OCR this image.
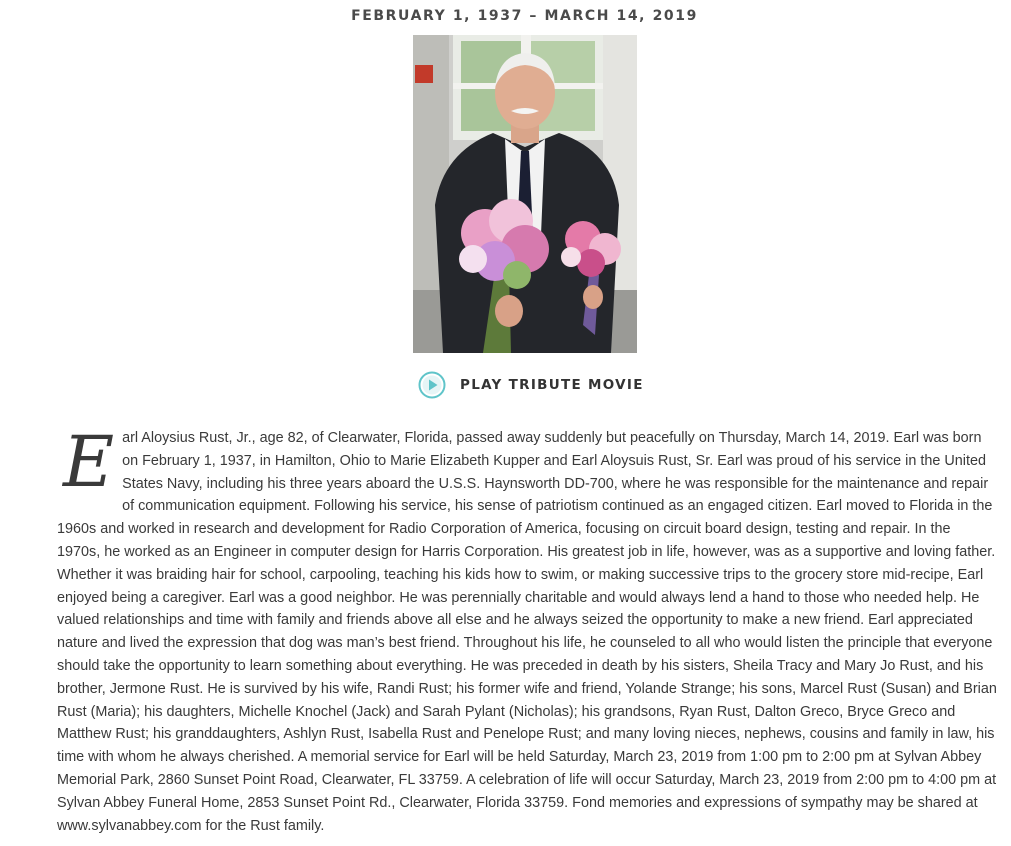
FEBRUARY 1, 1937 – MARCH 14, 2019
PLAY TRIBUTE MOVIE

Earl Aloysius Rust, Jr., age 82, of Clearwater, Florida, passed away suddenly but peacefully on Thursday, March 14, 2019. Earl was born on February 1, 1937, in Hamilton, Ohio to Marie Elizabeth Kupper and Earl Aloysuis Rust, Sr. Earl was proud of his service in the United States Navy, including his three years aboard the U.S.S. Haynsworth DD-700, where he was responsible for the maintenance and repair of communication equipment. Following his service, his sense of patriotism continued as an engaged citizen. Earl moved to Florida in the 1960s and worked in research and development for Radio Corporation of America, focusing on circuit board design, testing and repair. In the 1970s, he worked as an Engineer in computer design for Harris Corporation. His greatest job in life, however, was as a supportive and loving father. Whether it was braiding hair for school, carpooling, teaching his kids how to swim, or making successive trips to the grocery store mid-recipe, Earl enjoyed being a caregiver. Earl was a good neighbor. He was perennially charitable and would always lend a hand to those who needed help. He valued relationships and time with family and friends above all else and he always seized the opportunity to make a new friend. Earl appreciated nature and lived the expression that dog was man’s best friend. Throughout his life, he counseled to all who would listen the principle that everyone should take the opportunity to learn something about everything. He was preceded in death by his sisters, Sheila Tracy and Mary Jo Rust, and his brother, Jermone Rust. He is survived by his wife, Randi Rust; his former wife and friend, Yolande Strange; his sons, Marcel Rust (Susan) and Brian Rust (Maria); his daughters, Michelle Knochel (Jack) and Sarah Pylant (Nicholas); his grandsons, Ryan Rust, Dalton Greco, Bryce Greco and Matthew Rust; his granddaughters, Ashlyn Rust, Isabella Rust and Penelope Rust; and many loving nieces, nephews, cousins and family in law, his time with whom he always cherished. A memorial service for Earl will be held Saturday, March 23, 2019 from 1:00 pm to 2:00 pm at Sylvan Abbey Memorial Park, 2860 Sunset Point Road, Clearwater, FL 33759. A celebration of life will occur Saturday, March 23, 2019 from 2:00 pm to 4:00 pm at Sylvan Abbey Funeral Home, 2853 Sunset Point Rd., Clearwater, Florida 33759. Fond memories and expressions of sympathy may be shared at www.sylvanabbey.com for the Rust family.
